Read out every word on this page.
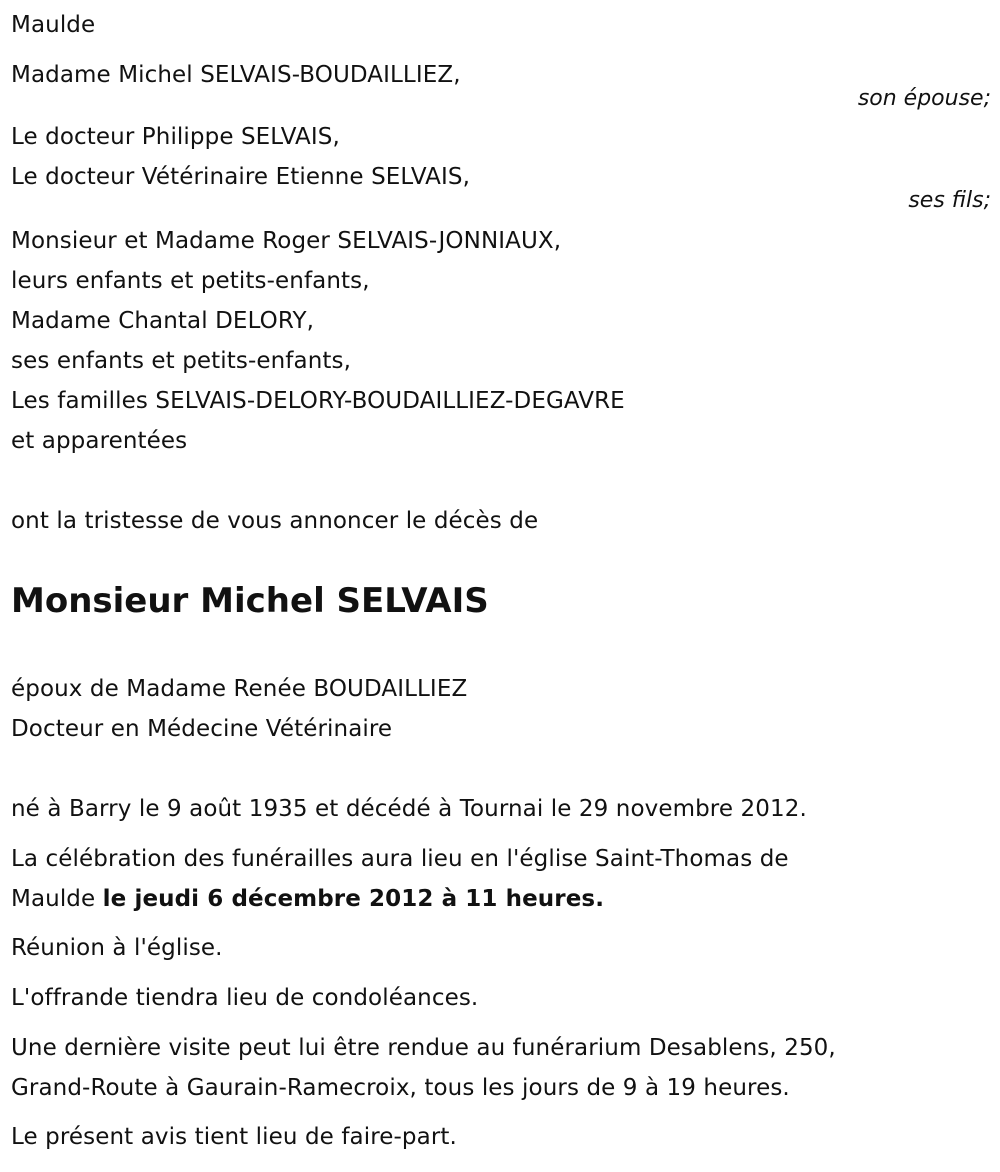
Maulde
Madame Michel SELVAIS-BOUDAILLIEZ,
son épouse;
Le docteur Philippe SELVAIS,
Le docteur Vétérinaire Etienne SELVAIS,
ses fils;
Monsieur et Madame Roger SELVAIS-JONNIAUX,
leurs enfants et petits-enfants,
Madame Chantal DELORY,
ses enfants et petits-enfants,
Les familles SELVAIS-DELORY-BOUDAILLIEZ-DEGAVRE
et apparentées
ont la tristesse de vous annoncer le décès de
Monsieur Michel SELVAIS
époux de Madame Renée BOUDAILLIEZ
Docteur en Médecine Vétérinaire
né à Barry le 9 août 1935 et décédé à Tournai le 29 novembre 2012.
La célébration des funérailles aura lieu en l'église Saint-Thomas de
Maulde le jeudi 6 décembre 2012 à 11 heures.
Réunion à l'église.
L'offrande tiendra lieu de condoléances.
Une dernière visite peut lui être rendue au funérarium Desablens, 250,
Grand-Route à Gaurain-Ramecroix, tous les jours de 9 à 19 heures.
Le présent avis tient lieu de faire-part.
